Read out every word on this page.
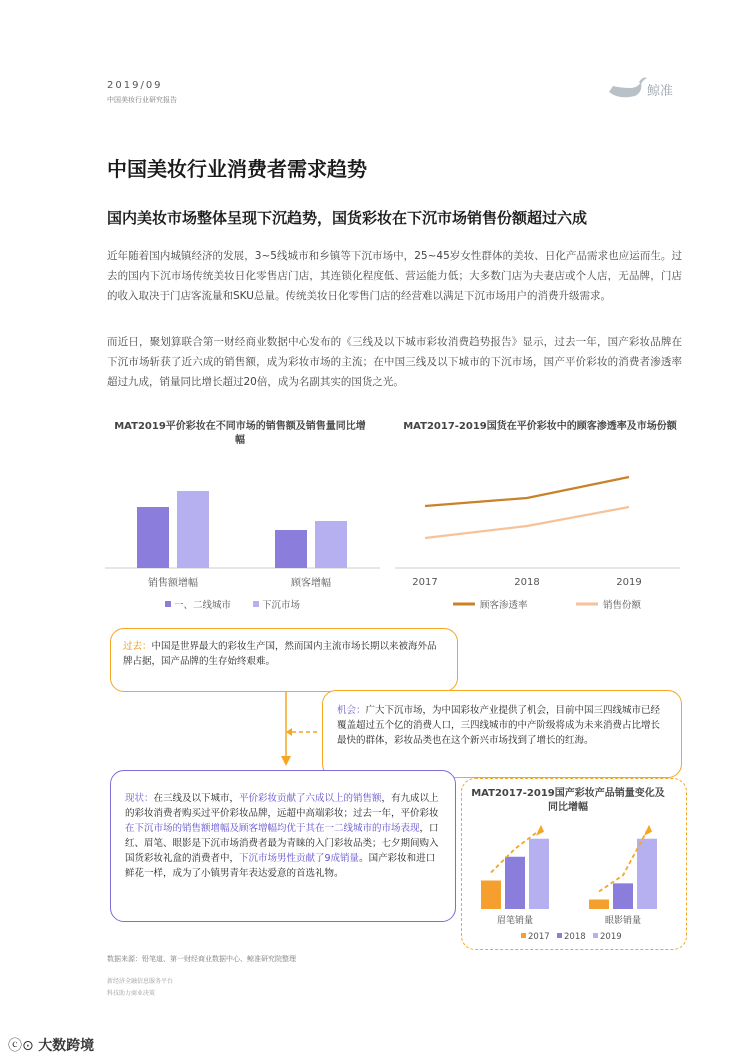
2019/09
中国美妆行业研究报告
鲸准
中国美妆行业消费者需求趋势
国内美妆市场整体呈现下沉趋势，国货彩妆在下沉市场销售份额超过六成
近年随着国内城镇经济的发展，3~5线城市和乡镇等下沉市场中，25~45岁女性群体的美妆、日化产品需求也应运而生。过去的国内下沉市场传统美妆日化零售店门店，其连锁化程度低、营运能力低；大多数门店为夫妻店或个人店，无品牌，门店的收入取决于门店客流量和SKU总量。传统美妆日化零售门店的经营难以满足下沉市场用户的消费升级需求。
而近日，聚划算联合第一财经商业数据中心发布的《三线及以下城市彩妆消费趋势报告》显示，过去一年，国产彩妆品牌在下沉市场斩获了近六成的销售额，成为彩妆市场的主流；在中国三线及以下城市的下沉市场，国产平价彩妆的消费者渗透率超过九成，销量同比增长超过20倍，成为名副其实的国货之光。
MAT2019平价彩妆在不同市场的销售额及销售量同比增幅
销售额增幅	顾客增幅
一、二线城市	下沉市场
MAT2017-2019国货在平价彩妆中的顾客渗透率及市场份额
2017	2018	2019
顾客渗透率	销售份额
过去：中国是世界最大的彩妆生产国，然而国内主流市场长期以来被海外品牌占据，国产品牌的生存始终艰难。
机会：广大下沉市场，为中国彩妆产业提供了机会，目前中国三四线城市已经覆盖超过五个亿的消费人口，三四线城市的中产阶级将成为未来消费占比增长最快的群体，彩妆品类也在这个新兴市场找到了增长的红海。
现状：在三线及以下城市，平价彩妆贡献了六成以上的销售额，有九成以上的彩妆消费者购买过平价彩妆品牌，远超中高端彩妆；过去一年，平价彩妆在下沉市场的销售额增幅及顾客增幅均优于其在一二线城市的市场表现，口红、眉笔、眼影是下沉市场消费者最为青睐的入门彩妆品类；七夕期间购入国货彩妆礼盒的消费者中，下沉市场男性贡献了9成销量。国产彩妆和进口鲜花一样，成为了小镇男青年表达爱意的首选礼物。
MAT2017-2019国产彩妆产品销量变化及同比增幅
眉笔销量	眼影销量
2017 2018 2019
数据来源：铅笔道、第一财经商业数据中心、鲸准研究院整理
新经济全融信息服务平台
科技助力商业决策
ⓒ⊙ 大数跨境
